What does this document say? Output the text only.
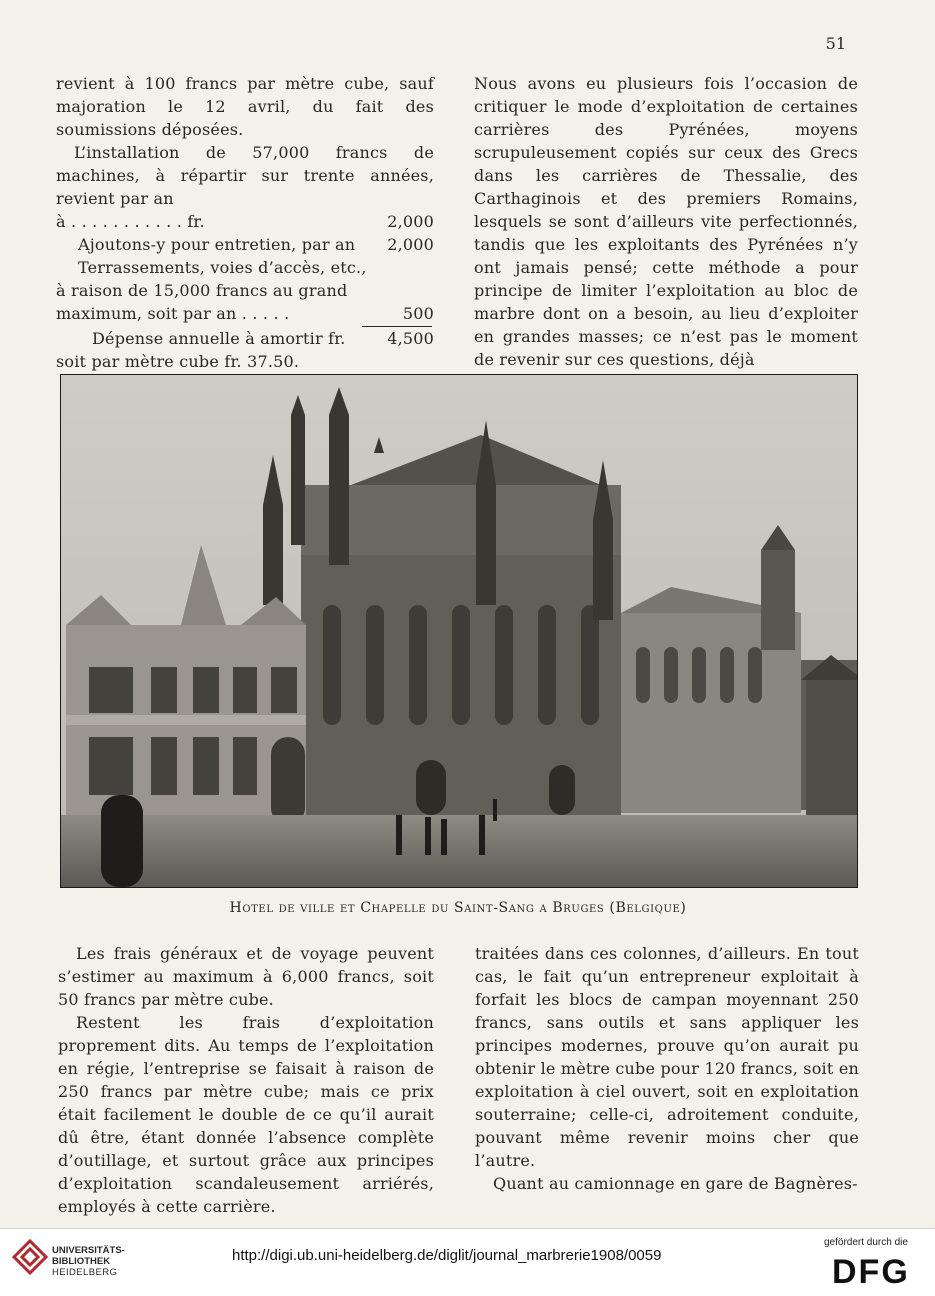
51

revient à 100 francs par mètre cube, sauf majoration le 12 avril, du fait des soumissions déposées.

L’installation de 57,000 francs de machines, à répartir sur trente années, revient par an

à . . . . . . . . . . . fr.	2,000
Ajoutons-y pour entretien, par an	2,000
Terrassements, voies d’accès, etc.,
à raison de 15,000 francs au grand
maximum, soit par an . . . . .	500
Dépense annuelle à amortir fr.	4,500
soit par mètre cube fr. 37.50.

Nous avons eu plusieurs fois l’occasion de critiquer le mode d’exploitation de certaines carrières des Pyrénées, moyens scrupuleusement copiés sur ceux des Grecs dans les carrières de Thessalie, des Carthaginois et des premiers Romains, lesquels se sont d’ailleurs vite perfectionnés, tandis que les exploitants des Pyrénées n’y ont jamais pensé; cette méthode a pour principe de limiter l’exploitation au bloc de marbre dont on a besoin, au lieu d’exploiter en grandes masses; ce n’est pas le moment de revenir sur ces questions, déjà

Hotel de ville et Chapelle du Saint-Sang a Bruges (Belgique)

Les frais généraux et de voyage peuvent s’estimer au maximum à 6,000 francs, soit 50 francs par mètre cube.

Restent les frais d’exploitation proprement dits. Au temps de l’exploitation en régie, l’entreprise se faisait à raison de 250 francs par mètre cube; mais ce prix était facilement le double de ce qu’il aurait dû être, étant donnée l’absence complète d’outillage, et surtout grâce aux principes d’exploitation scandaleusement arriérés, employés à cette carrière.

traitées dans ces colonnes, d’ailleurs. En tout cas, le fait qu’un entrepreneur exploitait à forfait les blocs de campan moyennant 250 francs, sans outils et sans appliquer les principes modernes, prouve qu’on aurait pu obtenir le mètre cube pour 120 francs, soit en exploitation à ciel ouvert, soit en exploitation souterraine; celle-ci, adroitement conduite, pouvant même revenir moins cher que l’autre.

Quant au camionnage en gare de Bagnères-

UNIVERSITÄTS-
BIBLIOTHEK
HEIDELBERG
http://digi.ub.uni-heidelberg.de/diglit/journal_marbrerie1908/0059
gefördert durch die
DFG
